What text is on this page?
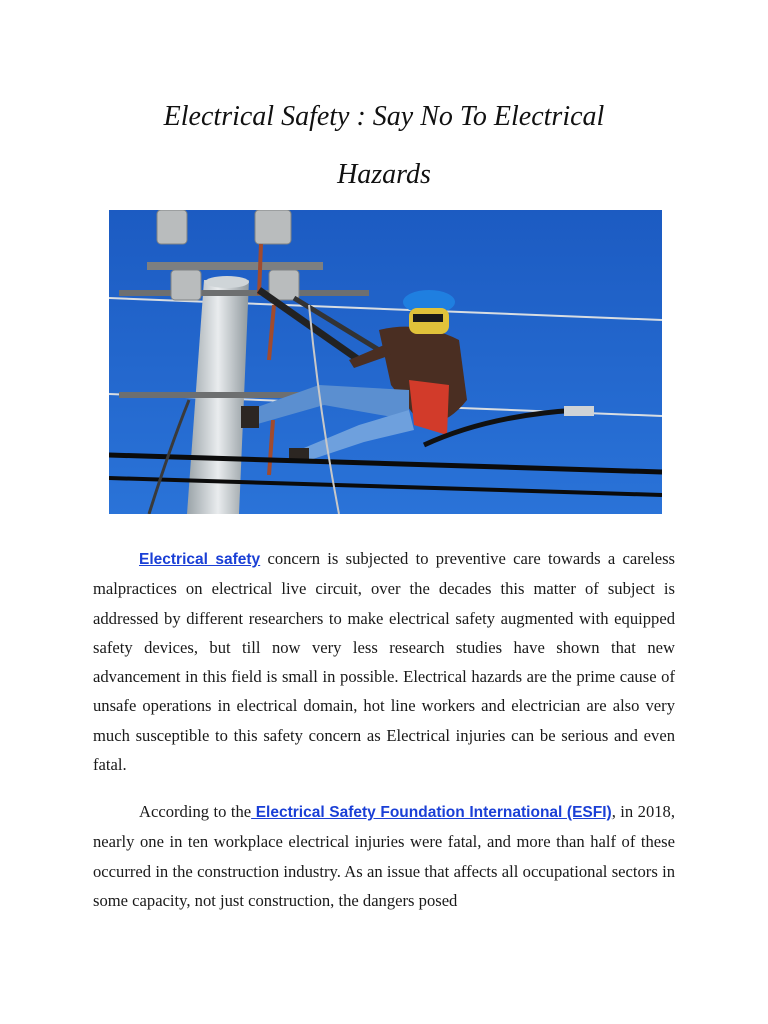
Electrical Safety : Say No To Electrical
Hazards

Electrical safety concern is subjected to preventive care towards a careless malpractices on electrical live circuit, over the decades this matter of subject is addressed by different researchers to make electrical safety augmented with equipped safety devices, but till now very less research studies have shown that new advancement in this field is small in possible. Electrical hazards are the prime cause of unsafe operations in electrical domain, hot line workers and electrician are also very much susceptible to this safety concern as Electrical injuries can be serious and even fatal.

According to the Electrical Safety Foundation International (ESFI), in 2018, nearly one in ten workplace electrical injuries were fatal, and more than half of these occurred in the construction industry. As an issue that affects all occupational sectors in some capacity, not just construction, the dangers posed
